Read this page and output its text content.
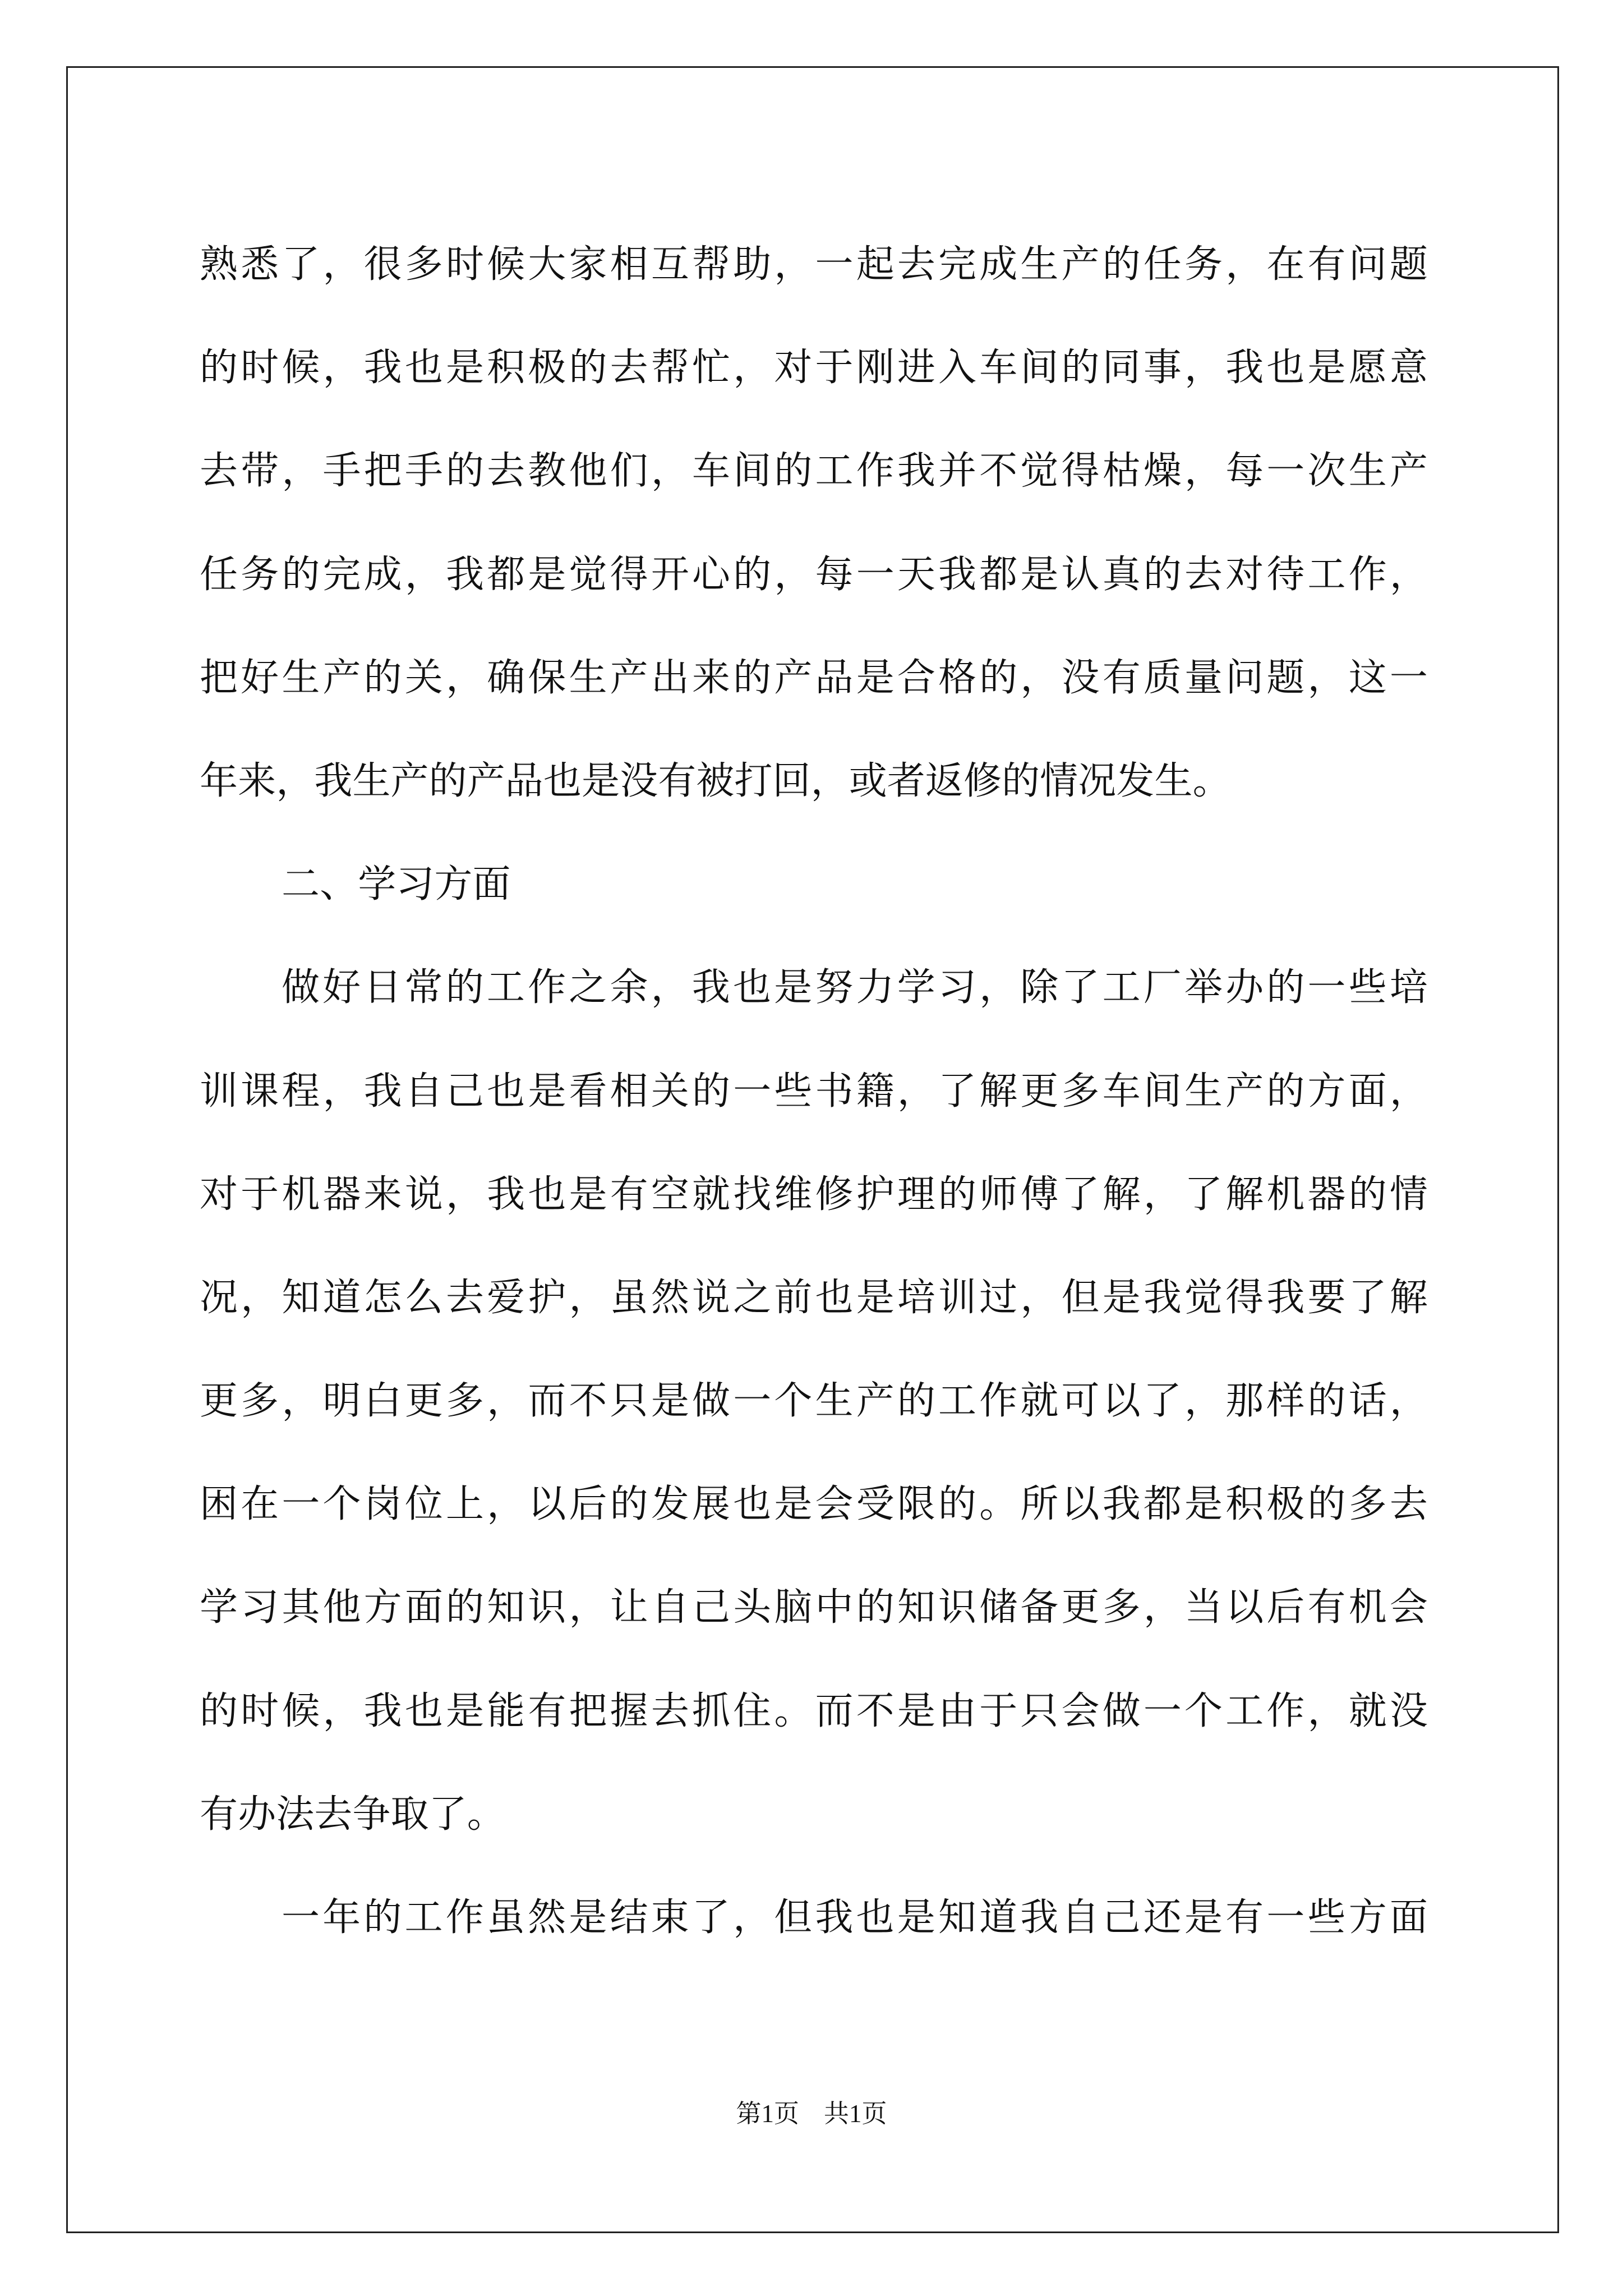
熟悉了，很多时候大家相互帮助，一起去完成生产的任务，在有问题
的时候，我也是积极的去帮忙，对于刚进入车间的同事，我也是愿意
去带，手把手的去教他们，车间的工作我并不觉得枯燥，每一次生产
任务的完成，我都是觉得开心的，每一天我都是认真的去对待工作，
把好生产的关，确保生产出来的产品是合格的，没有质量问题，这一
年来，我生产的产品也是没有被打回，或者返修的情况发生。
二、学习方面
做好日常的工作之余，我也是努力学习，除了工厂举办的一些培
训课程，我自己也是看相关的一些书籍，了解更多车间生产的方面，
对于机器来说，我也是有空就找维修护理的师傅了解，了解机器的情
况，知道怎么去爱护，虽然说之前也是培训过，但是我觉得我要了解
更多，明白更多，而不只是做一个生产的工作就可以了，那样的话，
困在一个岗位上，以后的发展也是会受限的。所以我都是积极的多去
学习其他方面的知识，让自己头脑中的知识储备更多，当以后有机会
的时候，我也是能有把握去抓住。而不是由于只会做一个工作，就没
有办法去争取了。
一年的工作虽然是结束了，但我也是知道我自己还是有一些方面
第1页 共1页
